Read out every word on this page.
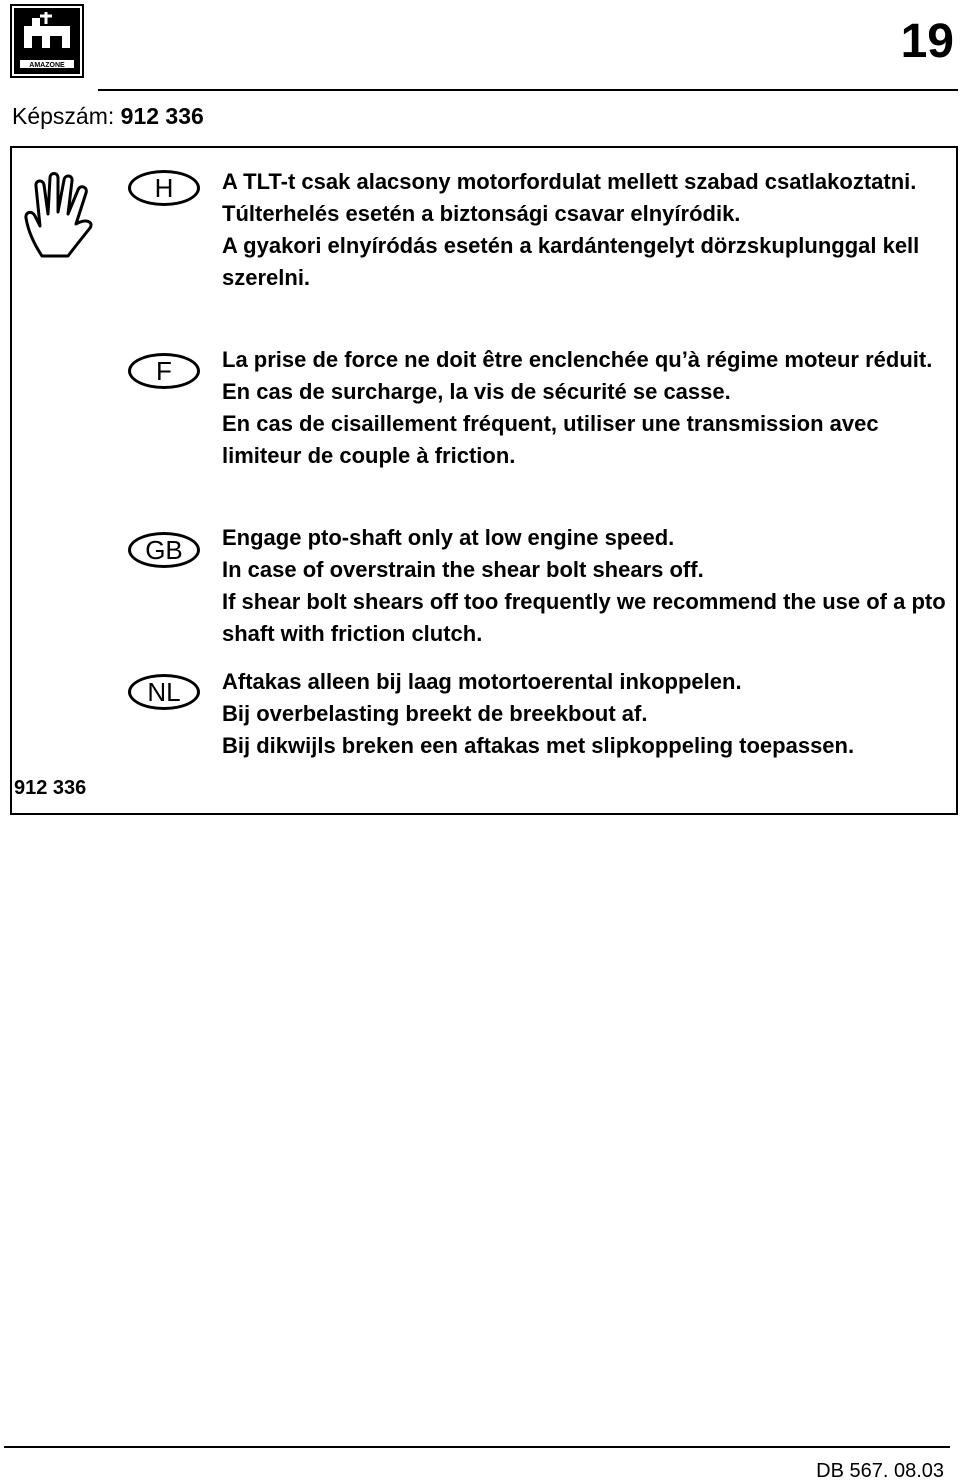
AMAZONE	19
Képszám: 912 336
H	A TLT-t csak alacsony motorfordulat mellett szabad csatlakoztatni.
Túlterhelés esetén a biztonsági csavar elnyíródik.
A gyakori elnyíródás esetén a kardántengelyt dörzskuplunggal kell szerelni.
F	La prise de force ne doit être enclenchée qu’à régime moteur réduit.
En cas de surcharge, la vis de sécurité se casse.
En cas de cisaillement fréquent, utiliser une transmission avec limiteur de couple à friction.
GB	Engage pto-shaft only at low engine speed.
In case of overstrain the shear bolt shears off.
If shear bolt shears off too frequently we recommend the use of a pto shaft with friction clutch.
NL	Aftakas alleen bij laag motortoerental inkoppelen.
Bij overbelasting breekt de breekbout af.
Bij dikwijls breken een aftakas met slipkoppeling toepassen.
912 336
DB 567. 08.03
